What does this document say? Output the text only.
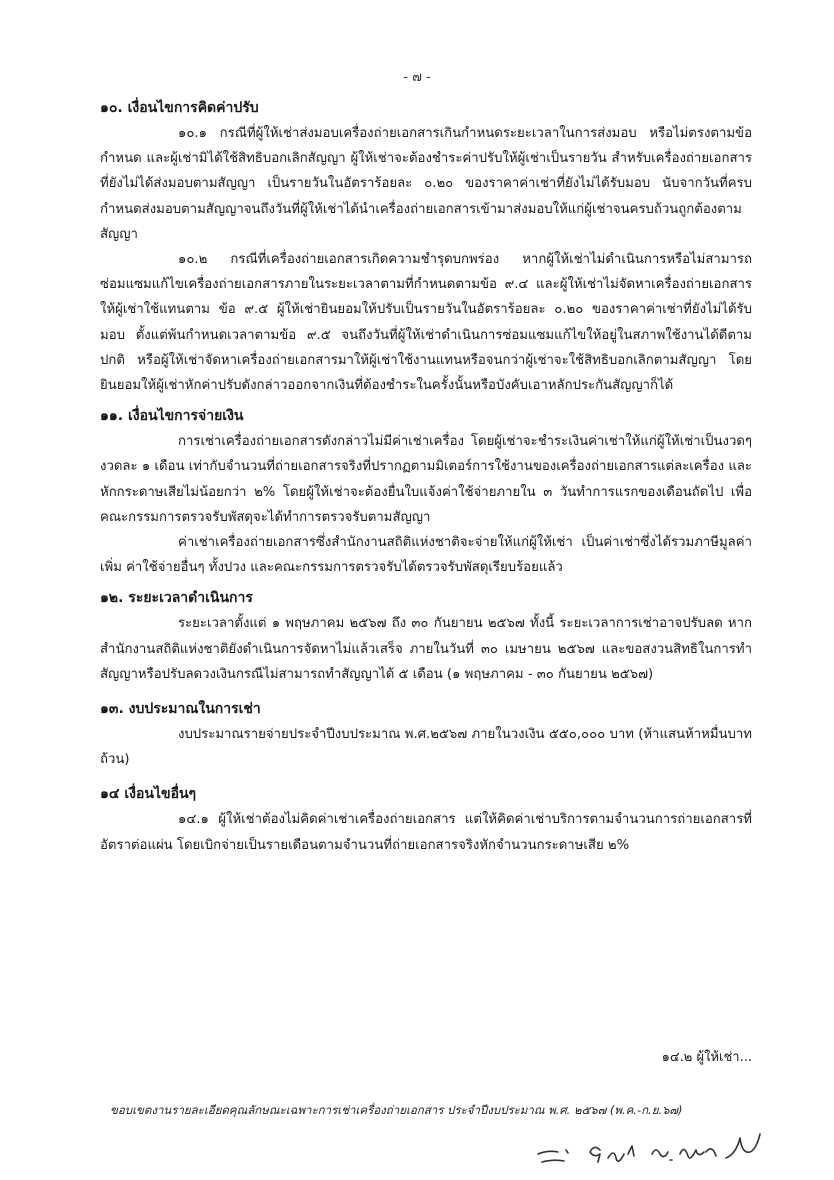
- ๗ -

๑๐. เงื่อนไขการคิดค่าปรับ

๑๐.๑ กรณีที่ผู้ให้เช่าส่งมอบเครื่องถ่ายเอกสารเกินกำหนดระยะเวลาในการส่งมอบ หรือไม่ตรงตามข้อกำหนด และผู้เช่ามิได้ใช้สิทธิบอกเลิกสัญญา ผู้ให้เช่าจะต้องชำระค่าปรับให้ผู้เช่าเป็นรายวัน สำหรับเครื่องถ่ายเอกสารที่ยังไม่ได้ส่งมอบตามสัญญา เป็นรายวันในอัตราร้อยละ ๐.๒๐ ของราคาค่าเช่าที่ยังไม่ได้รับมอบ นับจากวันที่ครบกำหนดส่งมอบตามสัญญาจนถึงวันที่ผู้ให้เช่าได้นำเครื่องถ่ายเอกสารเข้ามาส่งมอบให้แก่ผู้เช่าจนครบถ้วนถูกต้องตามสัญญา

๑๐.๒ กรณีที่เครื่องถ่ายเอกสารเกิดความชำรุดบกพร่อง หากผู้ให้เช่าไม่ดำเนินการหรือไม่สามารถซ่อมแซมแก้ไขเครื่องถ่ายเอกสารภายในระยะเวลาตามที่กำหนดตามข้อ ๙.๔ และผู้ให้เช่าไม่จัดหาเครื่องถ่ายเอกสารให้ผู้เช่าใช้แทนตาม ข้อ ๙.๕ ผู้ให้เช่ายินยอมให้ปรับเป็นรายวันในอัตราร้อยละ ๐.๒๐ ของราคาค่าเช่าที่ยังไม่ได้รับมอบ ตั้งแต่พ้นกำหนดเวลาตามข้อ ๙.๕ จนถึงวันที่ผู้ให้เช่าดำเนินการซ่อมแซมแก้ไขให้อยู่ในสภาพใช้งานได้ดีตามปกติ หรือผู้ให้เช่าจัดหาเครื่องถ่ายเอกสารมาให้ผู้เช่าใช้งานแทนหรือจนกว่าผู้เช่าจะใช้สิทธิบอกเลิกตามสัญญา โดยยินยอมให้ผู้เช่าหักค่าปรับดังกล่าวออกจากเงินที่ต้องชำระในครั้งนั้นหรือบังคับเอาหลักประกันสัญญาก็ได้

๑๑. เงื่อนไขการจ่ายเงิน

การเช่าเครื่องถ่ายเอกสารดังกล่าวไม่มีค่าเช่าเครื่อง โดยผู้เช่าจะชำระเงินค่าเช่าให้แก่ผู้ให้เช่าเป็นงวดๆ งวดละ ๑ เดือน เท่ากับจำนวนที่ถ่ายเอกสารจริงที่ปรากฏตามมิเตอร์การใช้งานของเครื่องถ่ายเอกสารแต่ละเครื่อง และหักกระดาษเสียไม่น้อยกว่า ๒% โดยผู้ให้เช่าจะต้องยื่นใบแจ้งค่าใช้จ่ายภายใน ๓ วันทำการแรกของเดือนถัดไป เพื่อคณะกรรมการตรวจรับพัสดุจะได้ทำการตรวจรับตามสัญญา

ค่าเช่าเครื่องถ่ายเอกสารซึ่งสำนักงานสถิติแห่งชาติจะจ่ายให้แก่ผู้ให้เช่า เป็นค่าเช่าซึ่งได้รวมภาษีมูลค่าเพิ่ม ค่าใช้จ่ายอื่นๆ ทั้งปวง และคณะกรรมการตรวจรับได้ตรวจรับพัสดุเรียบร้อยแล้ว

๑๒. ระยะเวลาดำเนินการ

ระยะเวลาตั้งแต่ ๑ พฤษภาคม ๒๕๖๗ ถึง ๓๐ กันยายน ๒๕๖๗ ทั้งนี้ ระยะเวลาการเช่าอาจปรับลด หากสำนักงานสถิติแห่งชาติยังดำเนินการจัดหาไม่แล้วเสร็จ ภายในวันที่ ๓๐ เมษายน ๒๕๖๗ และขอสงวนสิทธิในการทำสัญญาหรือปรับลดวงเงินกรณีไม่สามารถทำสัญญาได้ ๕ เดือน (๑ พฤษภาคม - ๓๐ กันยายน ๒๕๖๗)

๑๓. งบประมาณในการเช่า

งบประมาณรายจ่ายประจำปีงบประมาณ พ.ศ.๒๕๖๗ ภายในวงเงิน ๕๕๐,๐๐๐ บาท (ห้าแสนห้าหมื่นบาทถ้วน)

๑๔ เงื่อนไขอื่นๆ

๑๔.๑ ผู้ให้เช่าต้องไม่คิดค่าเช่าเครื่องถ่ายเอกสาร แต่ให้คิดค่าเช่าบริการตามจำนวนการถ่ายเอกสารที่อัตราต่อแผ่น โดยเบิกจ่ายเป็นรายเดือนตามจำนวนที่ถ่ายเอกสารจริงหักจำนวนกระดาษเสีย ๒%

๑๔.๒ ผู้ให้เช่า...
ขอบเขตงานรายละเอียดคุณลักษณะเฉพาะการเช่าเครื่องถ่ายเอกสาร ประจำปีงบประมาณ พ.ศ. ๒๕๖๗ (พ.ค.-ก.ย.๖๗)
